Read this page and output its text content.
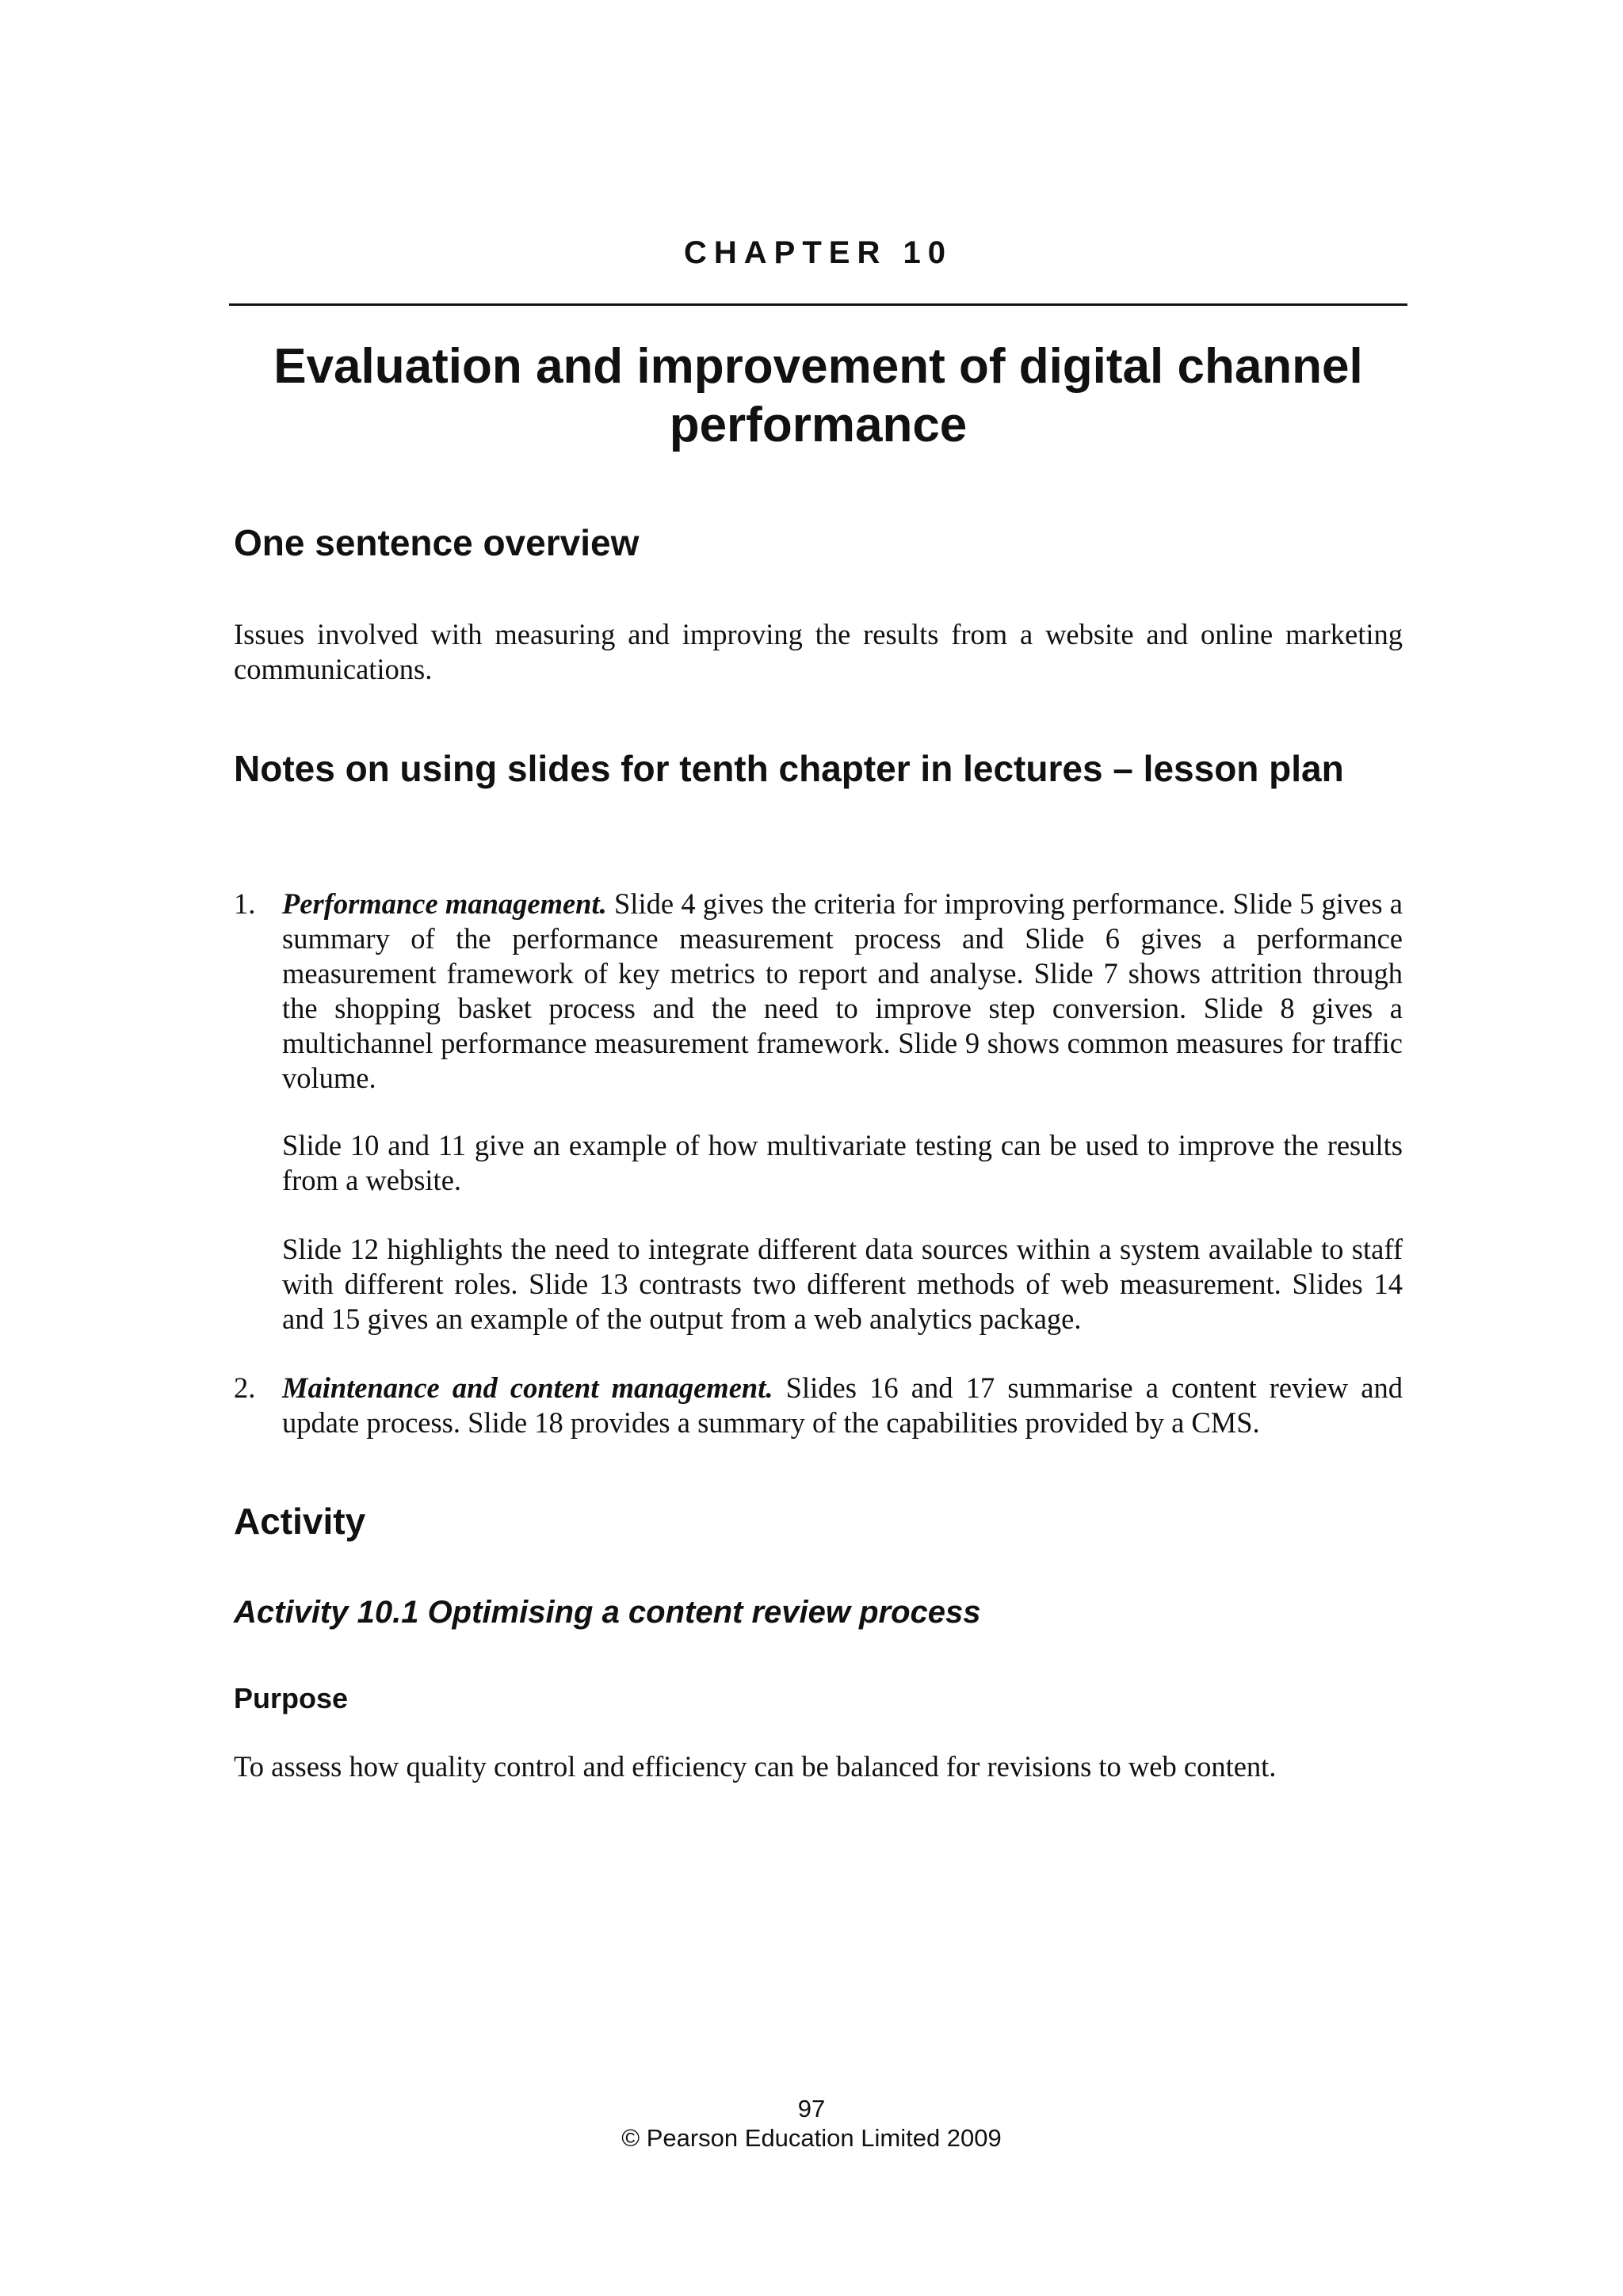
CHAPTER 10
Evaluation and improvement of digital channel performance
One sentence overview

Issues involved with measuring and improving the results from a website and online marketing communications.

Notes on using slides for tenth chapter in lectures – lesson plan
1. Performance management. Slide 4 gives the criteria for improving performance. Slide 5 gives a summary of the performance measurement process and Slide 6 gives a performance measurement framework of key metrics to report and analyse. Slide 7 shows attrition through the shopping basket process and the need to improve step conversion. Slide 8 gives a multichannel performance measurement framework. Slide 9 shows common measures for traffic volume.

Slide 10 and 11 give an example of how multivariate testing can be used to improve the results from a website.

Slide 12 highlights the need to integrate different data sources within a system available to staff with different roles. Slide 13 contrasts two different methods of web measurement. Slides 14 and 15 gives an example of the output from a web analytics package.

2. Maintenance and content management. Slides 16 and 17 summarise a content review and update process. Slide 18 provides a summary of the capabilities provided by a CMS.

Activity
Activity 10.1 Optimising a content review process
Purpose

To assess how quality control and efficiency can be balanced for revisions to web content.

97
© Pearson Education Limited 2009
